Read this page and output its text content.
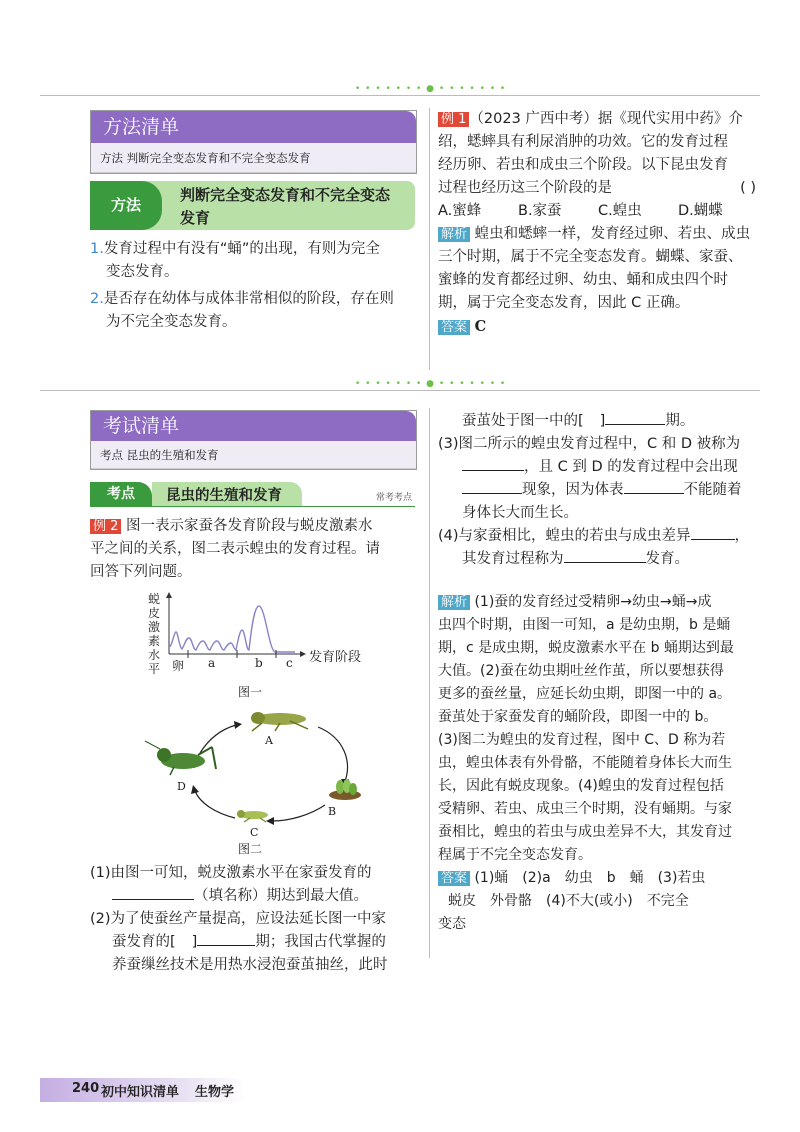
• • • • • • • ● • • • • • • •
方法清单
方法 判断完全变态发育和不完全变态发育
方法
判断完全变态发育和不完全变态
发育
1.发育过程中有没有“蛹”的出现，有则为完全
变态发育。
2.是否存在幼体与成体非常相似的阶段，存在则
为不完全变态发育。
例 1 （2023 广西中考）据《现代实用中药》介
绍，蟋蟀具有利尿消肿的功效。它的发育过程
经历卵、若虫和成虫三个阶段。以下昆虫发育
过程也经历这三个阶段的是	( )
A.蜜蜂	B.家蚕	C.蝗虫	D.蝴蝶
解析 蝗虫和蟋蟀一样，发育经过卵、若虫、成虫
三个时期，属于不完全变态发育。蝴蝶、家蚕、
蜜蜂的发育都经过卵、幼虫、蛹和成虫四个时
期，属于完全变态发育，因此 C 正确。
答案 C
• • • • • • • ● • • • • • • •
考试清单
考点 昆虫的生殖和发育
考点	昆虫的生殖和发育	常考考点
例 2 图一表示家蚕各发育阶段与蜕皮激素水
平之间的关系，图二表示蝗虫的发育过程。请
回答下列问题。
蜕
皮
激
素
水
平
发育阶段
卵 a	b c
图一
A
B
C
D
图二
(1)由图一可知，蜕皮激素水平在家蚕发育的
（填名称）期达到最大值。
(2)为了使蚕丝产量提高，应设法延长图一中家
蚕发育的[ ]	期；我国古代掌握的
养蚕缫丝技术是用热水浸泡蚕茧抽丝，此时
蚕茧处于图一中的[ ]	期。
(3)图二所示的蝗虫发育过程中，C 和 D 被称为
，且 C 到 D 的发育过程中会出现
现象，因为体表	不能随着
身体长大而生长。
(4)与家蚕相比，蝗虫的若虫与成虫差异	，
其发育过程称为	发育。
解析 (1)蚕的发育经过受精卵→幼虫→蛹→成
虫四个时期，由图一可知，a 是幼虫期，b 是蛹
期，c 是成虫期，蜕皮激素水平在 b 蛹期达到最
大值。(2)蚕在幼虫期吐丝作茧，所以要想获得
更多的蚕丝量，应延长幼虫期，即图一中的 a。
蚕茧处于家蚕发育的蛹阶段，即图一中的 b。
(3)图二为蝗虫的发育过程，图中 C、D 称为若
虫，蝗虫体表有外骨骼，不能随着身体长大而生
长，因此有蜕皮现象。(4)蝗虫的发育过程包括
受精卵、若虫、成虫三个时期，没有蛹期。与家
蚕相比，蝗虫的若虫与成虫差异不大，其发育过
程属于不完全变态发育。
答案 (1)蛹　(2)a　幼虫　b　蛹　(3)若虫
蜕皮　外骨骼　(4)不大(或小)　不完全
变态
240 初中知识清单 生物学
